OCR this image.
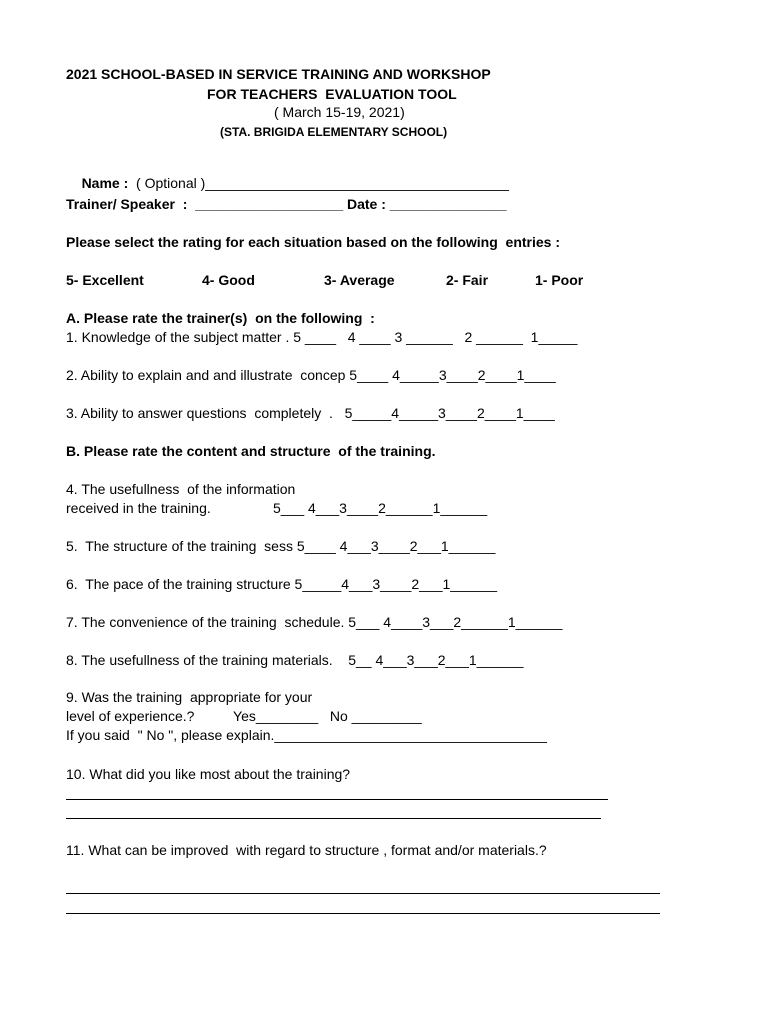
2021 SCHOOL-BASED IN SERVICE TRAINING AND WORKSHOP
FOR TEACHERS  EVALUATION TOOL
( March 15-19, 2021)
(STA. BRIGIDA ELEMENTARY SCHOOL)

Name :  ( Optional )_______________________________________

Trainer/ Speaker  :  ___________________ Date : _______________
Please select the rating for each situation based on the following  entries :

5- Excellent

	4- Good

	3- Average

	2- Fair

	1- Poor

A. Please rate the trainer(s)  on the following  :
1. Knowledge of the subject matter . 5 ____   4 ____ 3 ______   2 ______  1_____
2. Ability to explain and and illustrate  concep 5____ 4_____3____2____1____
3. Ability to answer questions  completely  .   5_____4_____3____2____1____
B. Please rate the content and structure  of the training.
4. The usefullness  of the information
received in the training.                5___ 4___3____2______1______
5.  The structure of the training  sess 5____ 4___3____2___1______
6.  The pace of the training structure 5_____4___3____2___1______
7. The convenience of the training  schedule. 5___ 4____3___2______1______
8. The usefullness of the training materials.    5__ 4___3___2___1______
9. Was the training  appropriate for your
level of experience.?          Yes________   No _________
If you said  " No ", please explain.___________________________________
10. What did you like most about the training?
11. What can be improved  with regard to structure , format and/or materials.?
